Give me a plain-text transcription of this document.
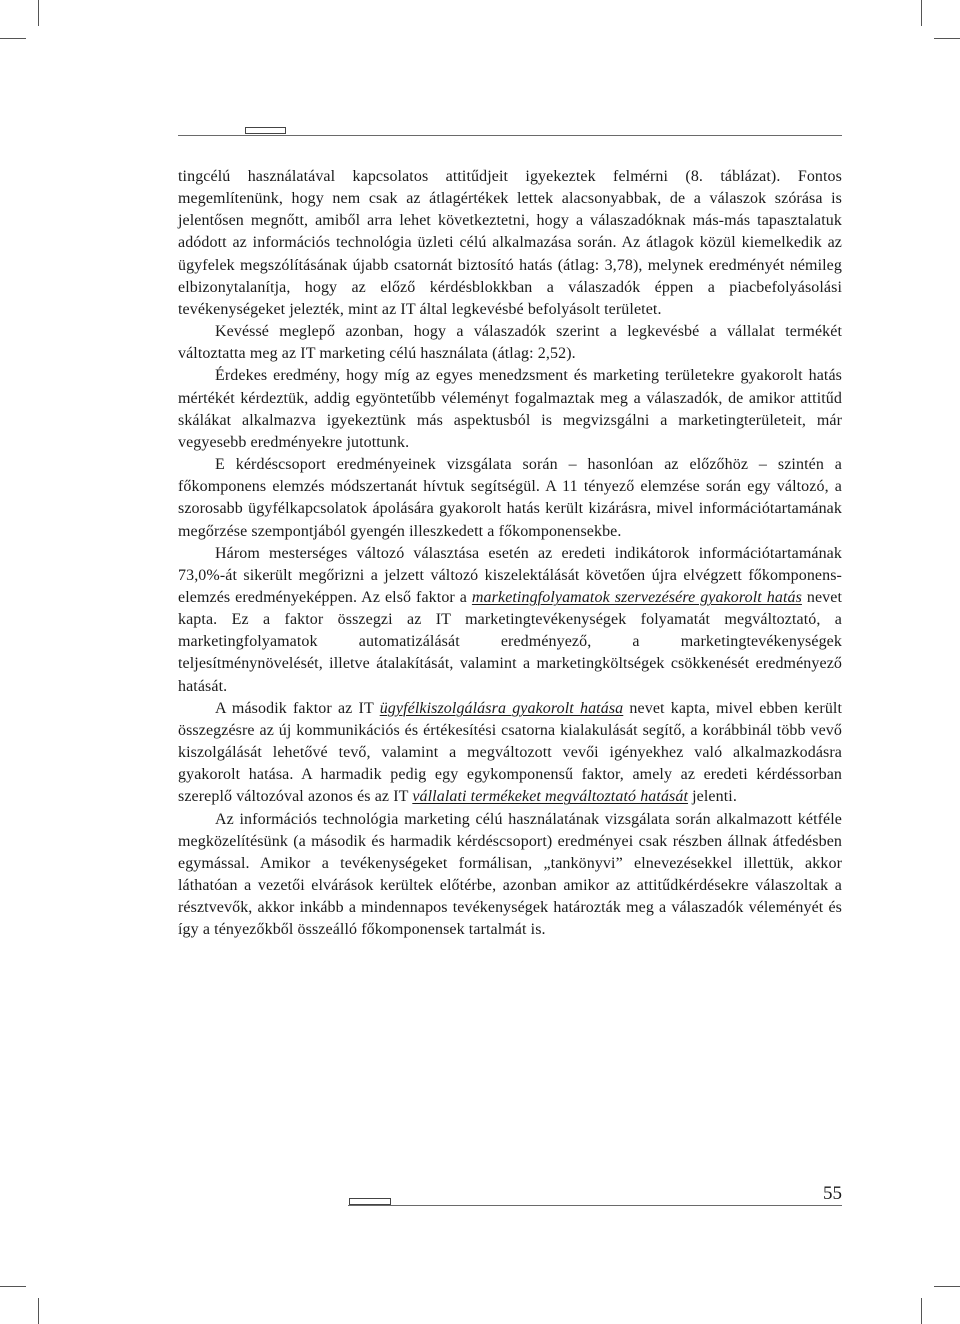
tingcélú használatával kapcsolatos attitűdjeit igyekeztek felmérni (8. táblázat). Fontos megemlítenünk, hogy nem csak az átlagértékek lettek alacsonyabbak, de a válaszok szórása is jelentősen megnőtt, amiből arra lehet következtetni, hogy a válaszadóknak más-más tapasztalatuk adódott az információs technológia üzleti célú alkalmazása során. Az átlagok közül kiemelkedik az ügyfelek megszólításának újabb csatornát biztosító hatás (átlag: 3,78), melynek eredményét némileg elbizonytalanítja, hogy az előző kérdésblokkban a válaszadók éppen a piacbefolyásolási tevékenységeket jelezték, mint az IT által legkevésbé befolyásolt területet.

Kevéssé meglepő azonban, hogy a válaszadók szerint a legkevésbé a vállalat termékét változtatta meg az IT marketing célú használata (átlag: 2,52).

Érdekes eredmény, hogy míg az egyes menedzsment és marketing területekre gyakorolt hatás mértékét kérdeztük, addig egyöntetűbb véleményt fogalmaztak meg a válaszadók, de amikor attitűd skálákat alkalmazva igyekeztünk más aspektusból is megvizsgálni a marketingterületeit, már vegyesebb eredményekre jutottunk.

E kérdéscsoport eredményeinek vizsgálata során – hasonlóan az előzőhöz – szintén a főkomponens elemzés módszertanát hívtuk segítségül. A 11 tényező elemzése során egy változó, a szorosabb ügyfélkapcsolatok ápolására gyakorolt hatás került kizárásra, mivel információtartamának megőrzése szempontjából gyengén illeszkedett a főkomponensekbe.

Három mesterséges változó választása esetén az eredeti indikátorok információtartamának 73,0%-át sikerült megőrizni a jelzett változó kiszelektálását követően újra elvégzett főkomponens-elemzés eredményeképpen. Az első faktor a marketingfolyamatok szervezésére gyakorolt hatás nevet kapta. Ez a faktor összegzi az IT marketingtevékenységek folyamatát megváltoztató, a marketingfolyamatok automatizálását eredményező, a marketingtevékenységek teljesítménynövelését, illetve átalakítását, valamint a marketingköltségek csökkenését eredményező hatását.

A második faktor az IT ügyfélkiszolgálásra gyakorolt hatása nevet kapta, mivel ebben került összegzésre az új kommunikációs és értékesítési csatorna kialakulását segítő, a korábbinál több vevő kiszolgálását lehetővé tevő, valamint a megváltozott vevői igényekhez való alkalmazkodásra gyakorolt hatása. A harmadik pedig egy egykomponensű faktor, amely az eredeti kérdéssorban szereplő változóval azonos és az IT vállalati termékeket megváltoztató hatását jelenti.

Az információs technológia marketing célú használatának vizsgálata során alkalmazott kétféle megközelítésünk (a második és harmadik kérdéscsoport) eredményei csak részben állnak átfedésben egymással. Amikor a tevékenységeket formálisan, „tankönyvi” elnevezésekkel illettük, akkor láthatóan a vezetői elvárások kerültek előtérbe, azonban amikor az attitűdkérdésekre válaszoltak a résztvevők, akkor inkább a mindennapos tevékenységek határozták meg a válaszadók véleményét és így a tényezőkből összeálló főkomponensek tartalmát is.

55
